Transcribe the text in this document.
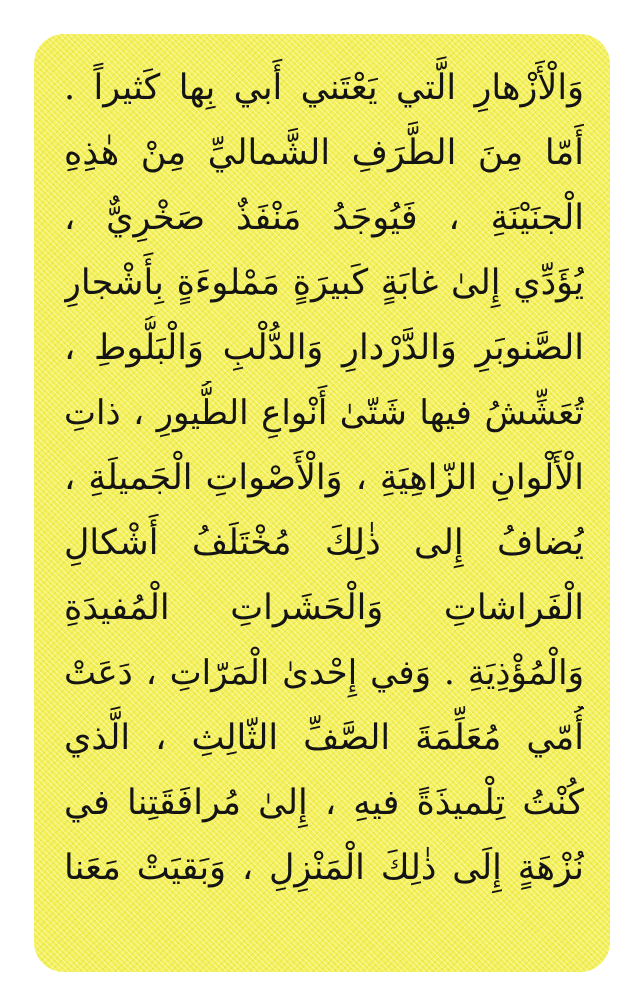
وَالْأَزْهارِ الَّتي يَعْتَني أَبي بِها كَثيراً .
أَمّا مِنَ الطَّرَفِ الشَّماليِّ مِنْ هٰذِهِ
الْجنَيْنَةِ ، فَيُوجَدُ مَنْفَذٌ صَخْرِيٌّ ،
يُؤَدِّي إِلىٰ غابَةٍ كَبيرَةٍ مَمْلوءَةٍ بِأَشْجارِ
الصَّنوبَرِ وَالدَّرْدارِ وَالدُّلْبِ وَالْبَلُّوطِ ،
تُعَشِّشُ فيها شَتّىٰ أَنْواعِ الطُّيورِ ، ذاتِ
الْأَلْوانِ الزّاهِيَةِ ، وَالْأَصْواتِ الْجَميلَةِ ،
يُضافُ إِلى ذٰلِكَ مُخْتَلَفُ أَشْكالِ
الْفَراشاتِ وَالْحَشَراتِ الْمُفيدَةِ
وَالْمُؤْذِيَةِ . وَفي إِحْدىٰ الْمَرّاتِ ، دَعَتْ
أُمّي مُعَلِّمَةَ الصَّفِّ الثّالِثِ ، الَّذي
كُنْتُ تِلْميذَةً فيهِ ، إِلىٰ مُرافَقَتِنا في
نُزْهَةٍ إِلَى ذٰلِكَ الْمَنْزِلِ ، وَبَقيَتْ مَعَنا
